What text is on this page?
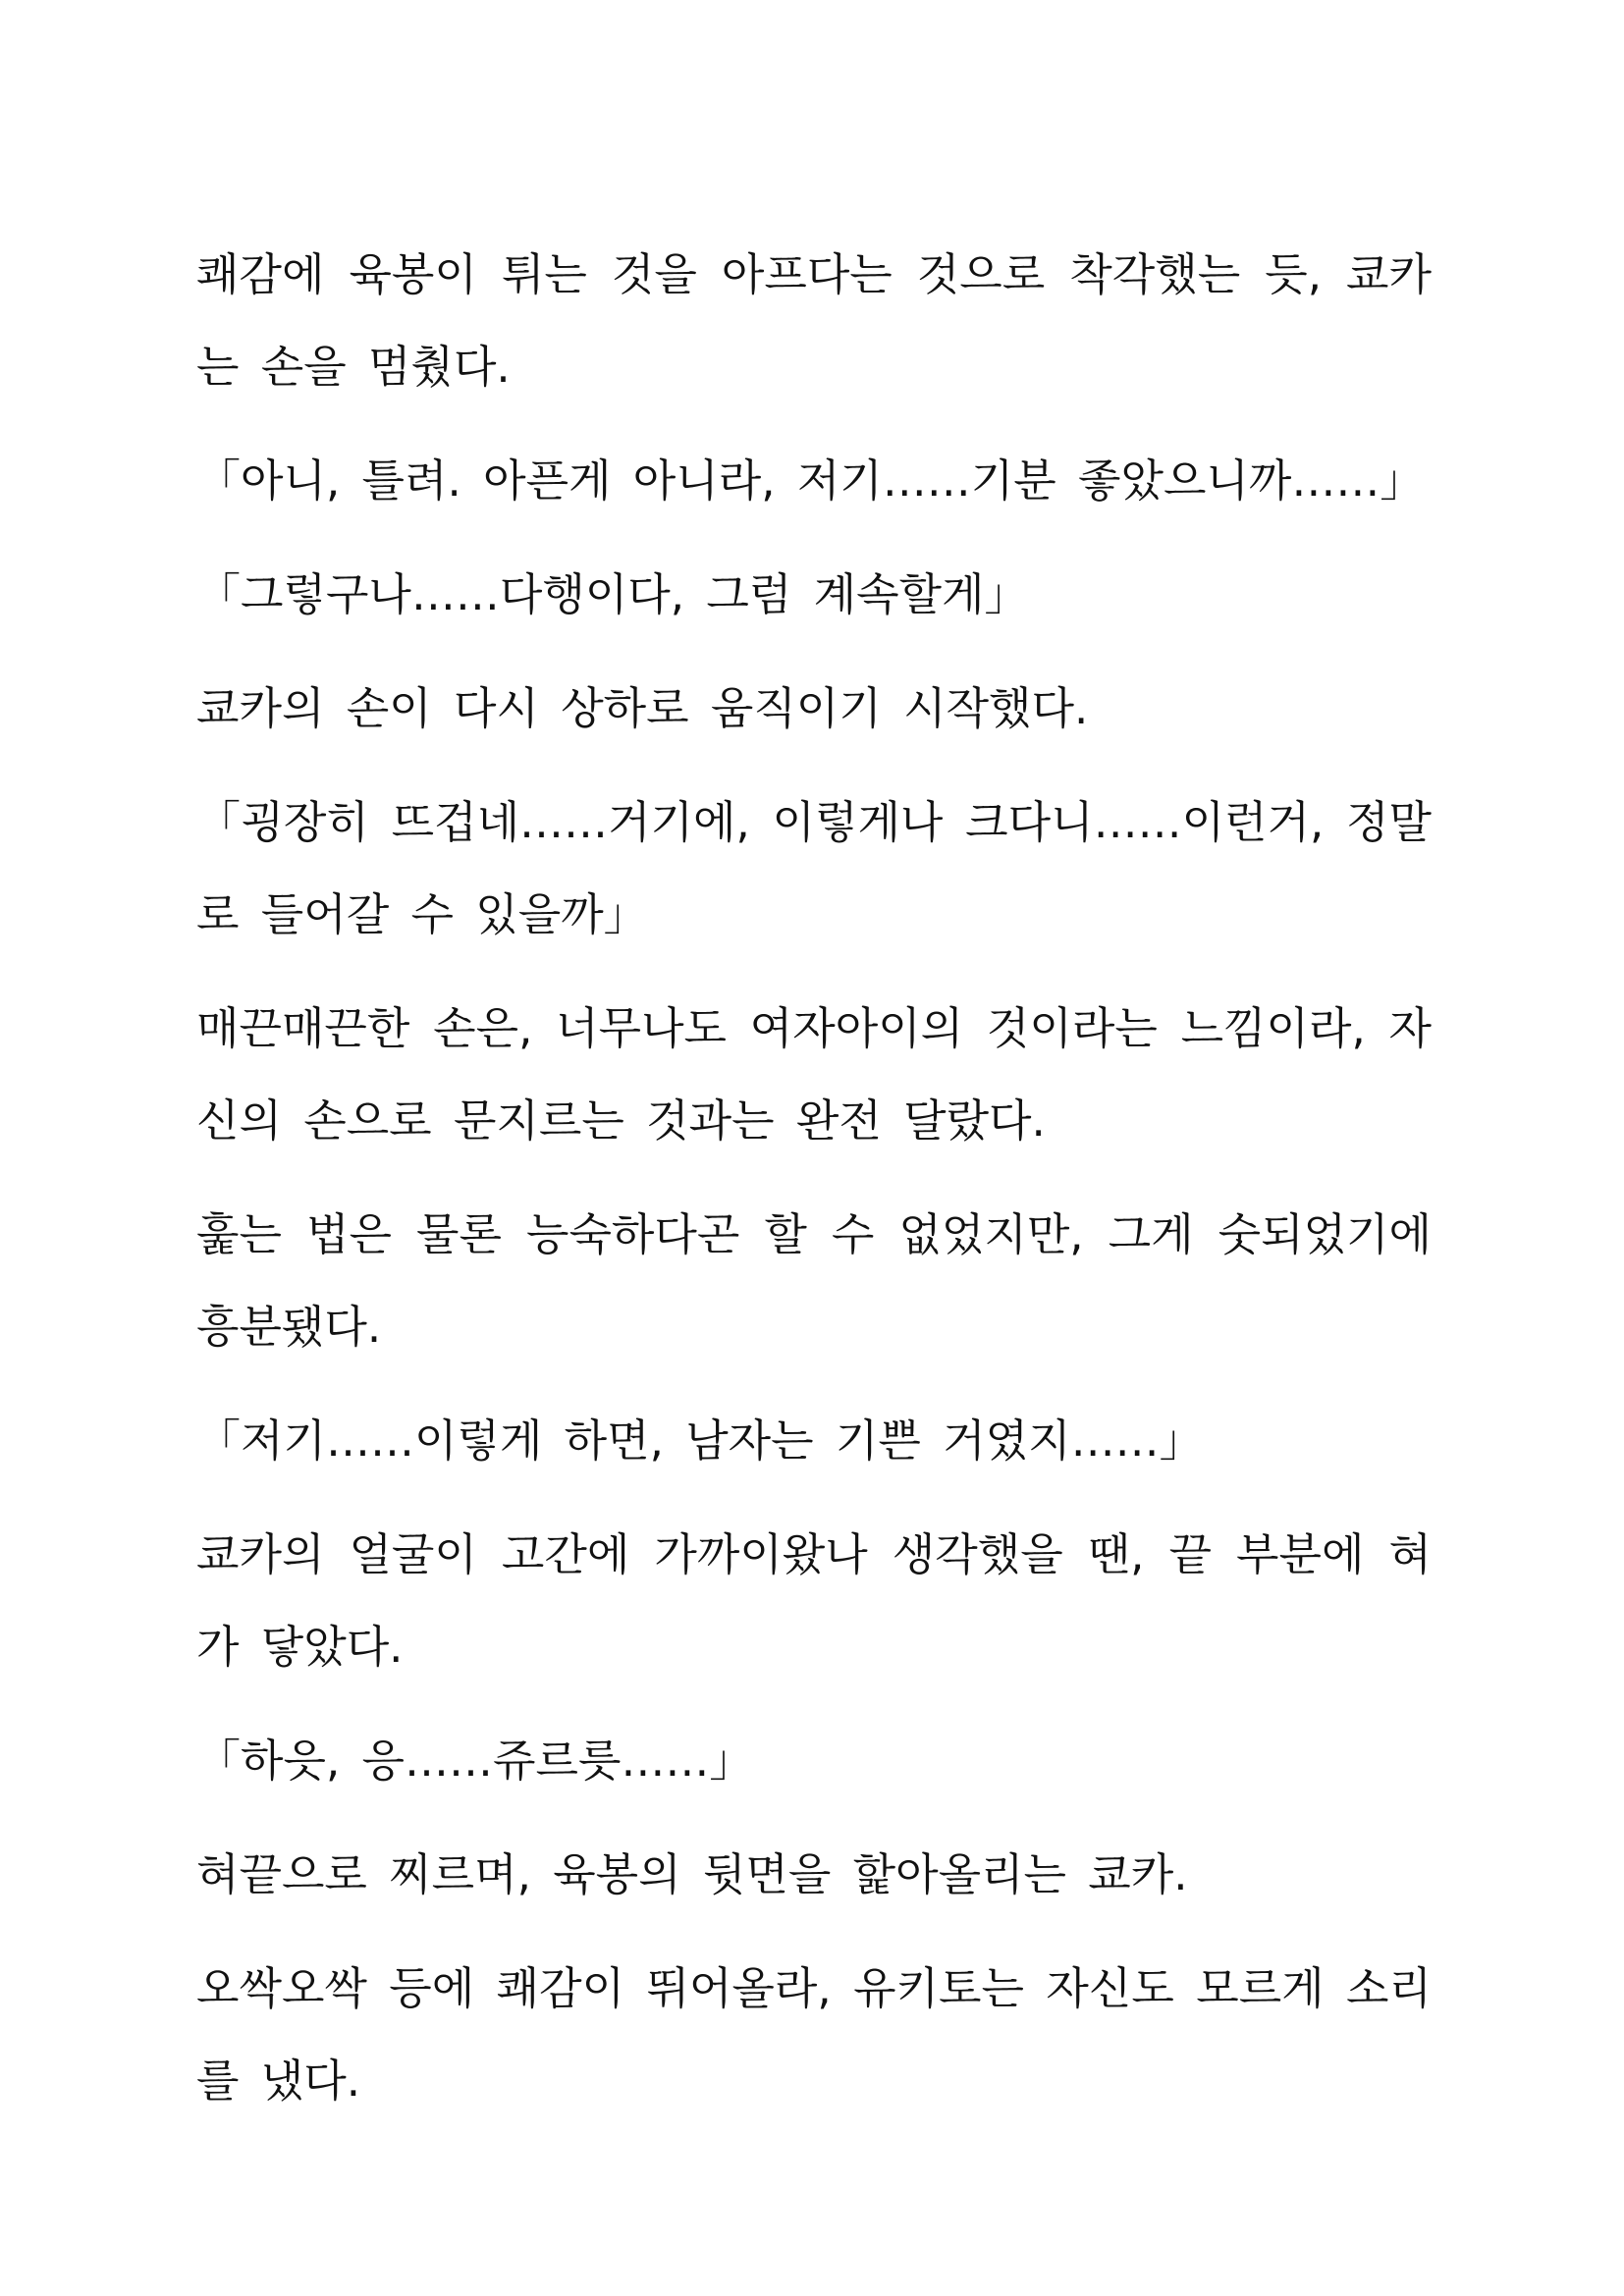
쾌감에 육봉이 튀는 것을 아프다는 것으로 착각했는 듯, 쿄카는 손을 멈췄다.

「아니, 틀려. 아픈게 아니라, 저기……기분 좋았으니까……」

「그렇구나……다행이다, 그럼 계속할게」

쿄카의 손이 다시 상하로 움직이기 시작했다.

「굉장히 뜨겁네……거기에, 이렇게나 크다니……이런거, 정말로 들어갈 수 있을까」

매끈매끈한 손은, 너무나도 여자아이의 것이라는 느낌이라, 자신의 손으로 문지르는 것과는 완전 달랐다.

훑는 법은 물론 능숙하다곤 할 수 없었지만, 그게 숫되었기에 흥분됐다.

「저기……이렇게 하면, 남자는 기쁜 거였지……」

쿄카의 얼굴이 고간에 가까이왔나 생각했을 땐, 끝 부분에 혀가 닿았다.

「하읏, 응……쥬르릇……」

혀끝으로 찌르며, 육봉의 뒷면을 핥아올리는 쿄카.

오싹오싹 등에 쾌감이 뛰어올라, 유키토는 자신도 모르게 소리를 냈다.
